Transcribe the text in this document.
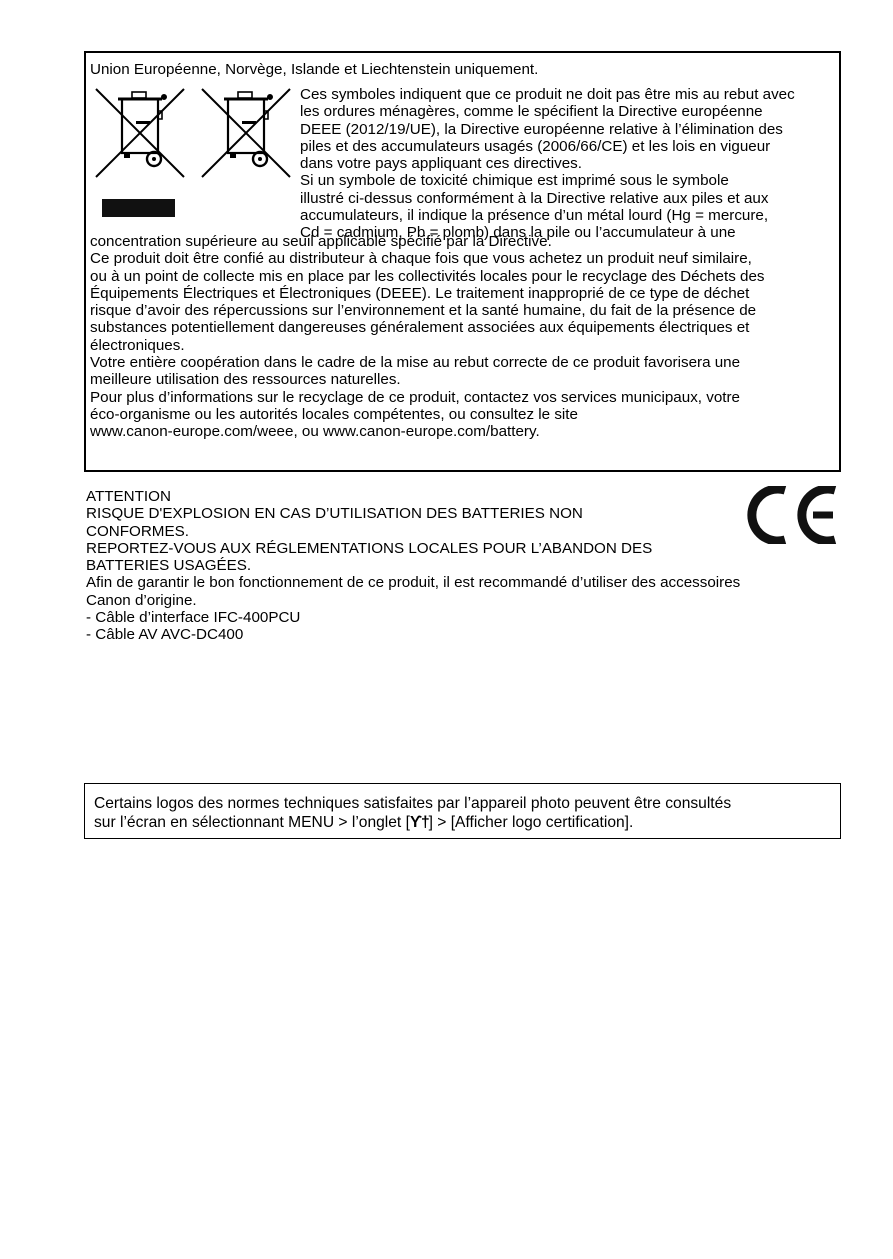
Union Européenne, Norvège, Islande et Liechtenstein uniquement.
Ces symboles indiquent que ce produit ne doit pas être mis au rebut avec
les ordures ménagères, comme le spécifient la Directive européenne
DEEE (2012/19/UE), la Directive européenne relative à l’élimination des
piles et des accumulateurs usagés (2006/66/CE) et les lois en vigueur
dans votre pays appliquant ces directives.
Si un symbole de toxicité chimique est imprimé sous le symbole
illustré ci-dessus conformément à la Directive relative aux piles et aux
accumulateurs, il indique la présence d’un métal lourd (Hg = mercure,
Cd = cadmium, Pb = plomb) dans la pile ou l’accumulateur à une
concentration supérieure au seuil applicable spécifié par la Directive.
Ce produit doit être confié au distributeur à chaque fois que vous achetez un produit neuf similaire,
ou à un point de collecte mis en place par les collectivités locales pour le recyclage des Déchets des
Équipements Électriques et Électroniques (DEEE). Le traitement inapproprié de ce type de déchet
risque d’avoir des répercussions sur l’environnement et la santé humaine, du fait de la présence de
substances potentiellement dangereuses généralement associées aux équipements électriques et
électroniques.
Votre entière coopération dans le cadre de la mise au rebut correcte de ce produit favorisera une
meilleure utilisation des ressources naturelles.
Pour plus d’informations sur le recyclage de ce produit, contactez vos services municipaux, votre
éco-organisme ou les autorités locales compétentes, ou consultez le site
www.canon-europe.com/weee, ou www.canon-europe.com/battery.
ATTENTION
RISQUE D'EXPLOSION EN CAS D’UTILISATION DES BATTERIES NON
CONFORMES.
REPORTEZ-VOUS AUX RÉGLEMENTATIONS LOCALES POUR L’ABANDON DES
BATTERIES USAGÉES.
Afin de garantir le bon fonctionnement de ce produit, il est recommandé d’utiliser des accessoires
Canon d’origine.
- Câble d’interface IFC-400PCU
- Câble AV AVC-DC400
Certains logos des normes techniques satisfaites par l’appareil photo peuvent être consultés
sur l’écran en sélectionnant MENU > l’onglet [ϒ†] > [Afficher logo certification].
